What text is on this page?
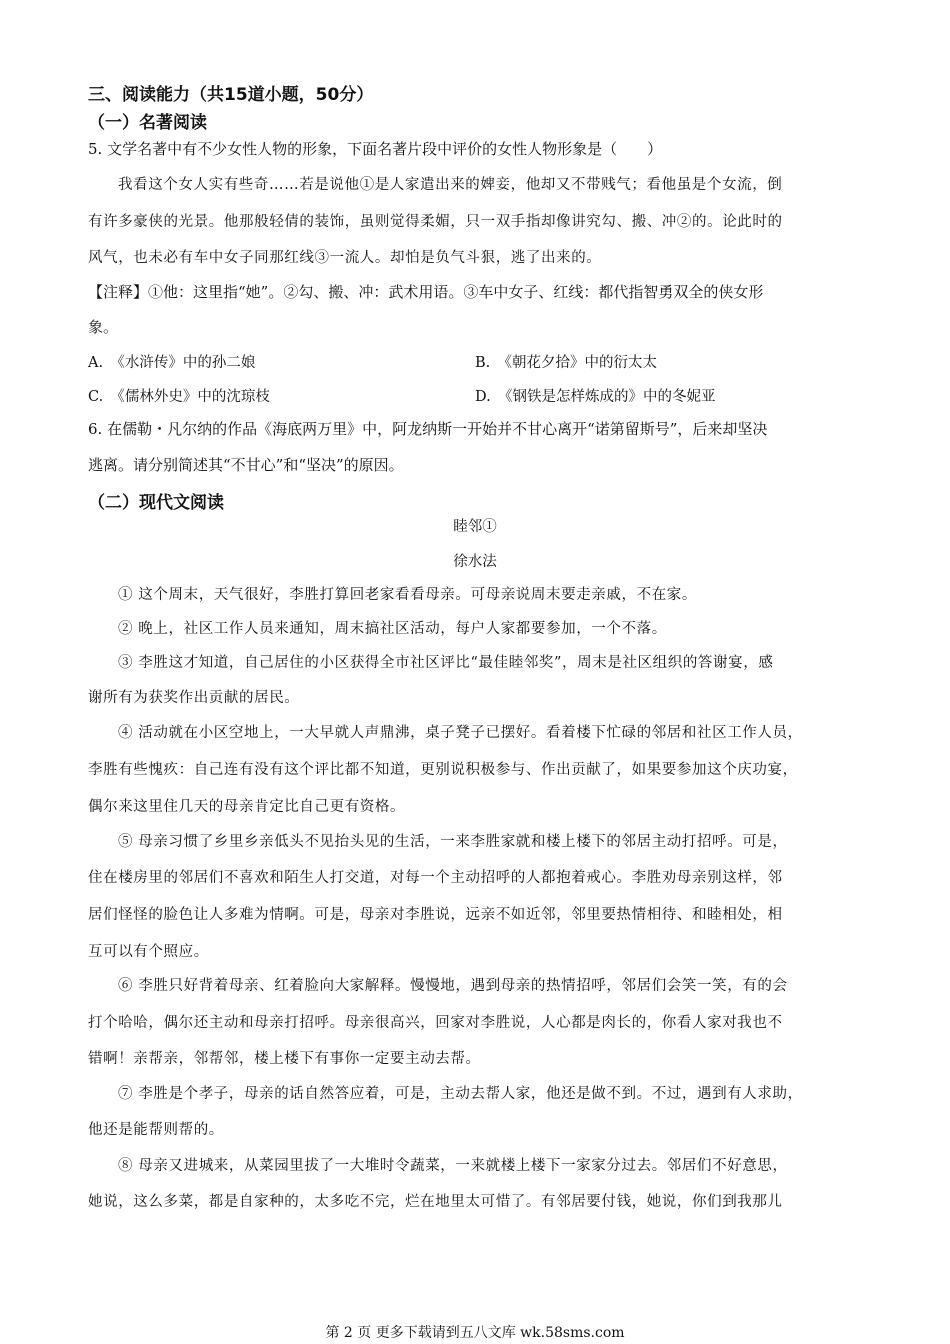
三、阅读能力（共15道小题，50分）
（一）名著阅读
5. 文学名著中有不少女性人物的形象，下面名著片段中评价的女性人物形象是（　　）
我看这个女人实有些奇……若是说他①是人家遣出来的婢妾，他却又不带贱气；看他虽是个女流，倒
有许多豪侠的光景。他那般轻倩的装饰，虽则觉得柔媚，只一双手指却像讲究勾、搬、冲②的。论此时的
风气，也未必有车中女子同那红线③一流人。却怕是负气斗狠，逃了出来的。
【注释】①他：这里指“她”。②勾、搬、冲：武术用语。③车中女子、红线：都代指智勇双全的侠女形
象。
A.　《水浒传》中的孙二娘	B.　《朝花夕拾》中的衍太太
C.　《儒林外史》中的沈琼枝	D.　《钢铁是怎样炼成的》中的冬妮亚
6. 在儒勒・凡尔纳的作品《海底两万里》中，阿龙纳斯一开始并不甘心离开“诺第留斯号”，后来却坚决
逃离。请分别简述其“不甘心”和“坚决”的原因。
（二）现代文阅读
睦邻①
徐水法
① 这个周末，天气很好，李胜打算回老家看看母亲。可母亲说周末要走亲戚，不在家。
② 晚上，社区工作人员来通知，周末搞社区活动，每户人家都要参加，一个不落。
③ 李胜这才知道，自己居住的小区获得全市社区评比“最佳睦邻奖”，周末是社区组织的答谢宴，感
谢所有为获奖作出贡献的居民。
④ 活动就在小区空地上，一大早就人声鼎沸，桌子凳子已摆好。看着楼下忙碌的邻居和社区工作人员，
李胜有些愧疚：自己连有没有这个评比都不知道，更别说积极参与、作出贡献了，如果要参加这个庆功宴，
偶尔来这里住几天的母亲肯定比自己更有资格。
⑤ 母亲习惯了乡里乡亲低头不见抬头见的生活，一来李胜家就和楼上楼下的邻居主动打招呼。可是，
住在楼房里的邻居们不喜欢和陌生人打交道，对每一个主动招呼的人都抱着戒心。李胜劝母亲别这样，邻
居们怪怪的脸色让人多难为情啊。可是，母亲对李胜说，远亲不如近邻，邻里要热情相待、和睦相处，相
互可以有个照应。
⑥ 李胜只好背着母亲、红着脸向大家解释。慢慢地，遇到母亲的热情招呼，邻居们会笑一笑，有的会
打个哈哈，偶尔还主动和母亲打招呼。母亲很高兴，回家对李胜说，人心都是肉长的，你看人家对我也不
错啊！亲帮亲，邻帮邻，楼上楼下有事你一定要主动去帮。
⑦ 李胜是个孝子，母亲的话自然答应着，可是，主动去帮人家，他还是做不到。不过，遇到有人求助，
他还是能帮则帮的。
⑧ 母亲又进城来，从菜园里拔了一大堆时令蔬菜，一来就楼上楼下一家家分过去。邻居们不好意思，
她说，这么多菜，都是自家种的，太多吃不完，烂在地里太可惜了。有邻居要付钱，她说，你们到我那儿
第 2 页 更多下载请到五八文库 wk.58sms.com
